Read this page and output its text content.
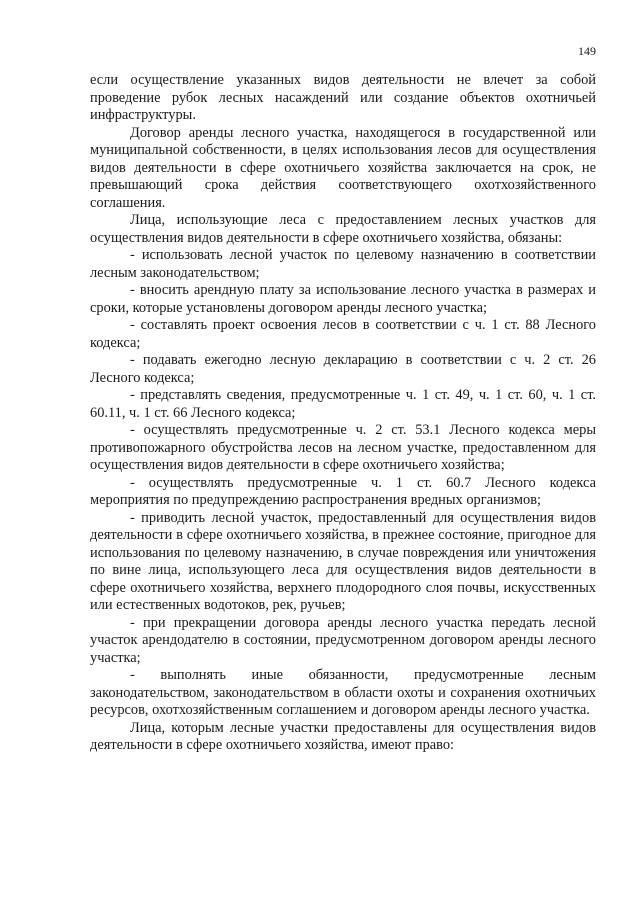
149

если осуществление указанных видов деятельности не влечет за собой проведение рубок лесных насаждений или создание объектов охотничьей инфраструктуры.

Договор аренды лесного участка, находящегося в государственной или муниципальной собственности, в целях использования лесов для осуществления видов деятельности в сфере охотничьего хозяйства заключается на срок, не превышающий срока действия соответствующего охотхозяйственного соглашения.

Лица, использующие леса с предоставлением лесных участков для осуществления видов деятельности в сфере охотничьего хозяйства, обязаны:

- использовать лесной участок по целевому назначению в соответствии лесным законодательством;

- вносить арендную плату за использование лесного участка в размерах и сроки, которые установлены договором аренды лесного участка;

- составлять проект освоения лесов в соответствии с ч. 1 ст. 88 Лесного кодекса;

- подавать ежегодно лесную декларацию в соответствии с ч. 2 ст. 26 Лесного кодекса;

- представлять сведения, предусмотренные ч. 1 ст. 49, ч. 1 ст. 60, ч. 1 ст. 60.11, ч. 1 ст. 66 Лесного кодекса;

- осуществлять предусмотренные ч. 2 ст. 53.1 Лесного кодекса меры противопожарного обустройства лесов на лесном участке, предоставленном для осуществления видов деятельности в сфере охотничьего хозяйства;

- осуществлять предусмотренные ч. 1 ст. 60.7 Лесного кодекса мероприятия по предупреждению распространения вредных организмов;

- приводить лесной участок, предоставленный для осуществления видов деятельности в сфере охотничьего хозяйства, в прежнее состояние, пригодное для использования по целевому назначению, в случае повреждения или уничтожения по вине лица, использующего леса для осуществления видов деятельности в сфере охотничьего хозяйства, верхнего плодородного слоя почвы, искусственных или естественных водотоков, рек, ручьев;

- при прекращении договора аренды лесного участка передать лесной участок арендодателю в состоянии, предусмотренном договором аренды лесного участка;

- выполнять иные обязанности, предусмотренные лесным законодательством, законодательством в области охоты и сохранения охотничьих ресурсов, охотхозяйственным соглашением и договором аренды лесного участка.

Лица, которым лесные участки предоставлены для осуществления видов деятельности в сфере охотничьего хозяйства, имеют право:
